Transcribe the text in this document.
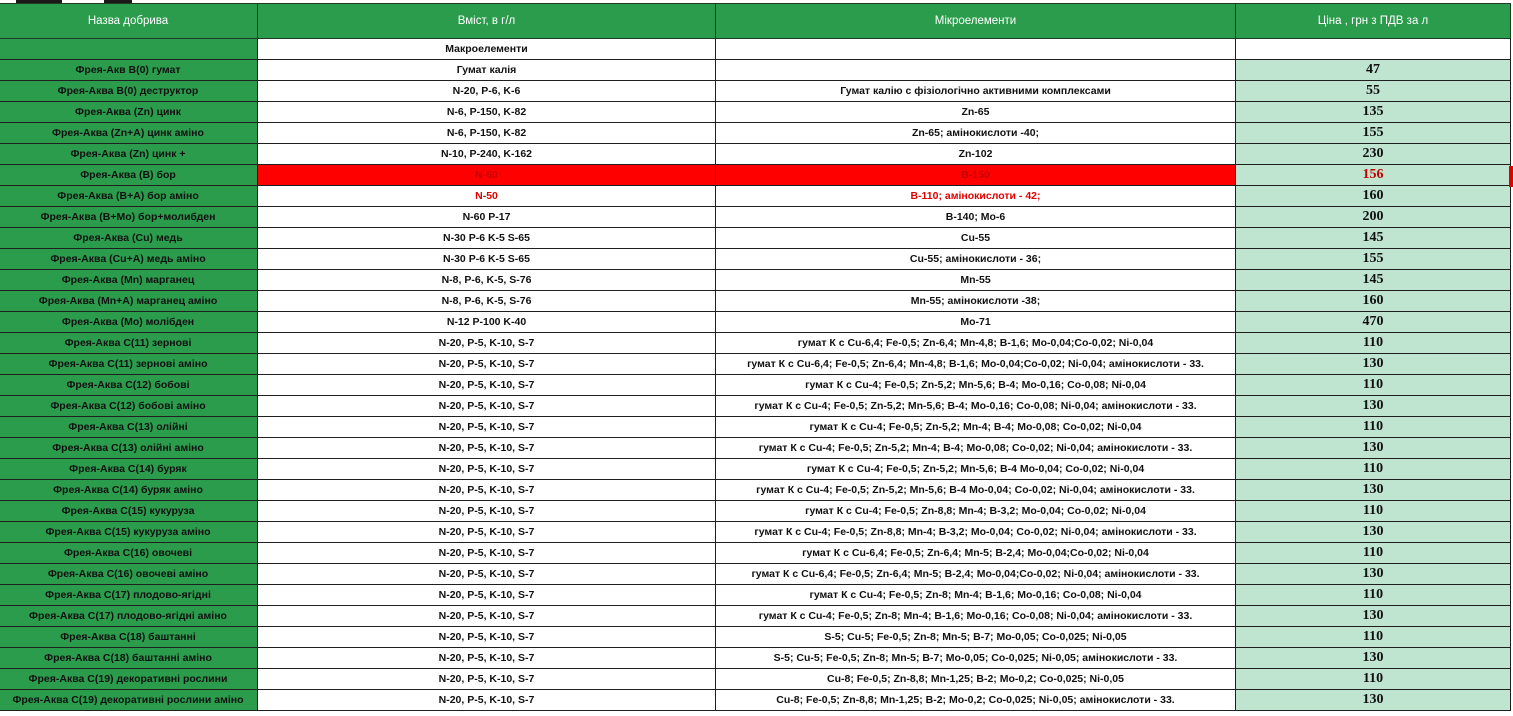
Назва добрива	Вміст, в г/л	Мікроелементи	Ціна , грн з ПДВ за л
	Макроелементи		
Фрея-Акв В(0) гумат	Гумат калія		47
Фрея-Аква В(0) деструктор	N-20, P-6, K-6	Гумат калію с фізіологічно активними комплексами	55
Фрея-Аква (Zn) цинк	N-6, P-150, K-82	Zn-65	135
Фрея-Аква (Zn+A) цинк аміно	N-6, P-150, K-82	Zn-65; амінокислоти -40;	155
Фрея-Аква (Zn) цинк +	N-10, P-240, K-162	Zn-102	230
Фрея-Аква (B) бор	N-60	B-150	156
Фрея-Аква (B+A) бор аміно	N-50	B-110; амінокислоти - 42;	160
Фрея-Аква (B+Mo) бор+молибден	N-60 P-17	B-140; Mo-6	200
Фрея-Аква (Cu) медь	N-30 P-6 K-5 S-65	Cu-55	145
Фрея-Аква (Cu+A) медь аміно	N-30 P-6 K-5 S-65	Cu-55; амінокислоти - 36;	155
Фрея-Аква (Mn) марганец	N-8, P-6, K-5, S-76	Mn-55	145
Фрея-Аква (Mn+A) марганец аміно	N-8, P-6, K-5, S-76	Mn-55; амінокислоти -38;	160
Фрея-Аква (Mo) молібден	N-12 P-100 K-40	Mo-71	470
Фрея-Аква С(11) зернові	N-20, P-5, K-10, S-7	гумат К с Cu-6,4; Fe-0,5; Zn-6,4; Mn-4,8; B-1,6; Mo-0,04;Co-0,02; Ni-0,04	110
Фрея-Аква С(11) зернові аміно	N-20, P-5, K-10, S-7	гумат К с Cu-6,4; Fe-0,5; Zn-6,4; Mn-4,8; B-1,6; Mo-0,04;Co-0,02; Ni-0,04; амінокислоти - 33.	130
Фрея-Аква С(12) бобові	N-20, P-5, K-10, S-7	гумат К с Cu-4; Fe-0,5; Zn-5,2; Mn-5,6; B-4; Mo-0,16; Co-0,08; Ni-0,04	110
Фрея-Аква С(12) бобові аміно	N-20, P-5, K-10, S-7	гумат К с Cu-4; Fe-0,5; Zn-5,2; Mn-5,6; B-4; Mo-0,16; Co-0,08; Ni-0,04; амінокислоти - 33.	130
Фрея-Аква С(13) олійні	N-20, P-5, K-10, S-7	гумат К с Cu-4; Fe-0,5; Zn-5,2; Mn-4; B-4; Mo-0,08; Co-0,02; Ni-0,04	110
Фрея-Аква С(13) олійні аміно	N-20, P-5, K-10, S-7	гумат К с Cu-4; Fe-0,5; Zn-5,2; Mn-4; B-4; Mo-0,08; Co-0,02; Ni-0,04; амінокислоти - 33.	130
Фрея-Аква С(14) буряк	N-20, P-5, K-10, S-7	гумат К с Cu-4; Fe-0,5; Zn-5,2; Mn-5,6; B-4 Mo-0,04; Co-0,02; Ni-0,04	110
Фрея-Аква С(14) буряк аміно	N-20, P-5, K-10, S-7	гумат К с Cu-4; Fe-0,5; Zn-5,2; Mn-5,6; B-4 Mo-0,04; Co-0,02; Ni-0,04; амінокислоти - 33.	130
Фрея-Аква С(15) кукуруза	N-20, P-5, K-10, S-7	гумат К с Cu-4; Fe-0,5; Zn-8,8; Mn-4; B-3,2; Mo-0,04; Co-0,02; Ni-0,04	110
Фрея-Аква С(15) кукуруза аміно	N-20, P-5, K-10, S-7	гумат К с Cu-4; Fe-0,5; Zn-8,8; Mn-4; B-3,2; Mo-0,04; Co-0,02; Ni-0,04; амінокислоти - 33.	130
Фрея-Аква С(16) овочеві	N-20, P-5, K-10, S-7	гумат К с Cu-6,4; Fe-0,5; Zn-6,4; Mn-5; B-2,4; Mo-0,04;Co-0,02; Ni-0,04	110
Фрея-Аква С(16) овочеві аміно	N-20, P-5, K-10, S-7	гумат К с Cu-6,4; Fe-0,5; Zn-6,4; Mn-5; B-2,4; Mo-0,04;Co-0,02; Ni-0,04; амінокислоти - 33.	130
Фрея-Аква С(17) плодово-ягідні	N-20, P-5, K-10, S-7	гумат К с Cu-4; Fe-0,5; Zn-8; Mn-4; B-1,6; Mo-0,16; Co-0,08; Ni-0,04	110
Фрея-Аква С(17) плодово-ягідні аміно	N-20, P-5, K-10, S-7	гумат К с Cu-4; Fe-0,5; Zn-8; Mn-4; B-1,6; Mo-0,16; Co-0,08; Ni-0,04; амінокислоти - 33.	130
Фрея-Аква С(18) баштанні	N-20, P-5, K-10, S-7	S-5; Cu-5; Fe-0,5; Zn-8; Mn-5; B-7; Mo-0,05; Co-0,025; Ni-0,05	110
Фрея-Аква С(18) баштанні аміно	N-20, P-5, K-10, S-7	S-5; Cu-5; Fe-0,5; Zn-8; Mn-5; B-7; Mo-0,05; Co-0,025; Ni-0,05; амінокислоти - 33.	130
Фрея-Аква С(19) декоративні рослини	N-20, P-5, K-10, S-7	Cu-8; Fe-0,5; Zn-8,8; Mn-1,25; B-2; Mo-0,2; Co-0,025; Ni-0,05	110
Фрея-Аква С(19) декоративні рослини аміно	N-20, P-5, K-10, S-7	Cu-8; Fe-0,5; Zn-8,8; Mn-1,25; B-2; Mo-0,2; Co-0,025; Ni-0,05; амінокислоти - 33.	130
